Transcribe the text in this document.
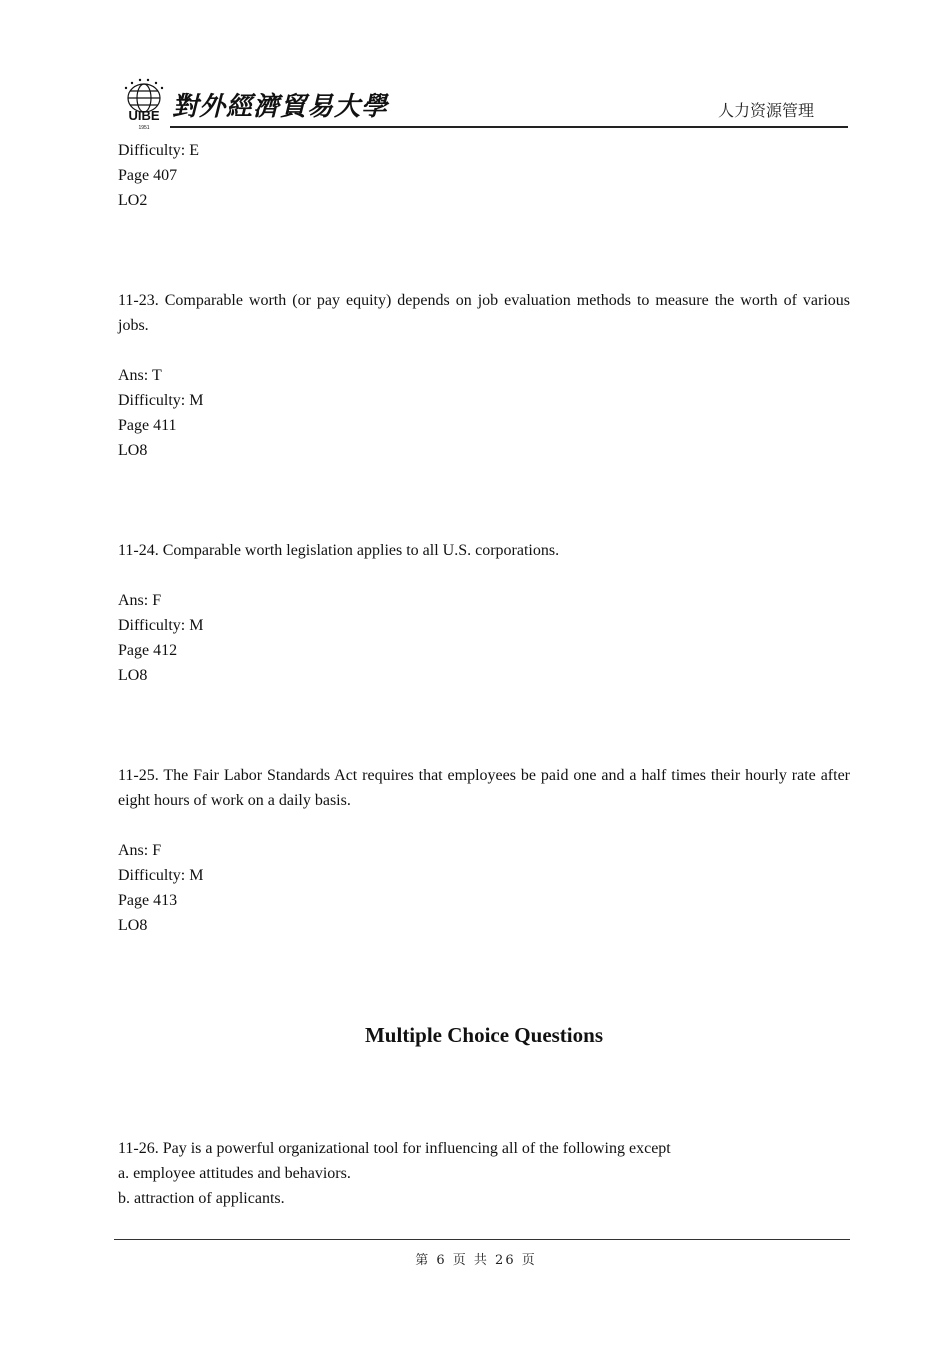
UIBE
1951
對外經濟貿易大學	人力资源管理

Difficulty: E

Page 407

LO2

11-23. Comparable worth (or pay equity) depends on job evaluation methods to measure the worth of various jobs.

Ans: T

Difficulty: M

Page 411

LO8

11-24. Comparable worth legislation applies to all U.S. corporations.

Ans: F

Difficulty: M

Page 412

LO8

11-25. The Fair Labor Standards Act requires that employees be paid one and a half times their hourly rate after eight hours of work on a daily basis.

Ans: F

Difficulty: M

Page 413

LO8

Multiple Choice Questions

11-26. Pay is a powerful organizational tool for influencing all of the following except

a. employee attitudes and behaviors.

b. attraction of applicants.

第 6 页 共 26 页
